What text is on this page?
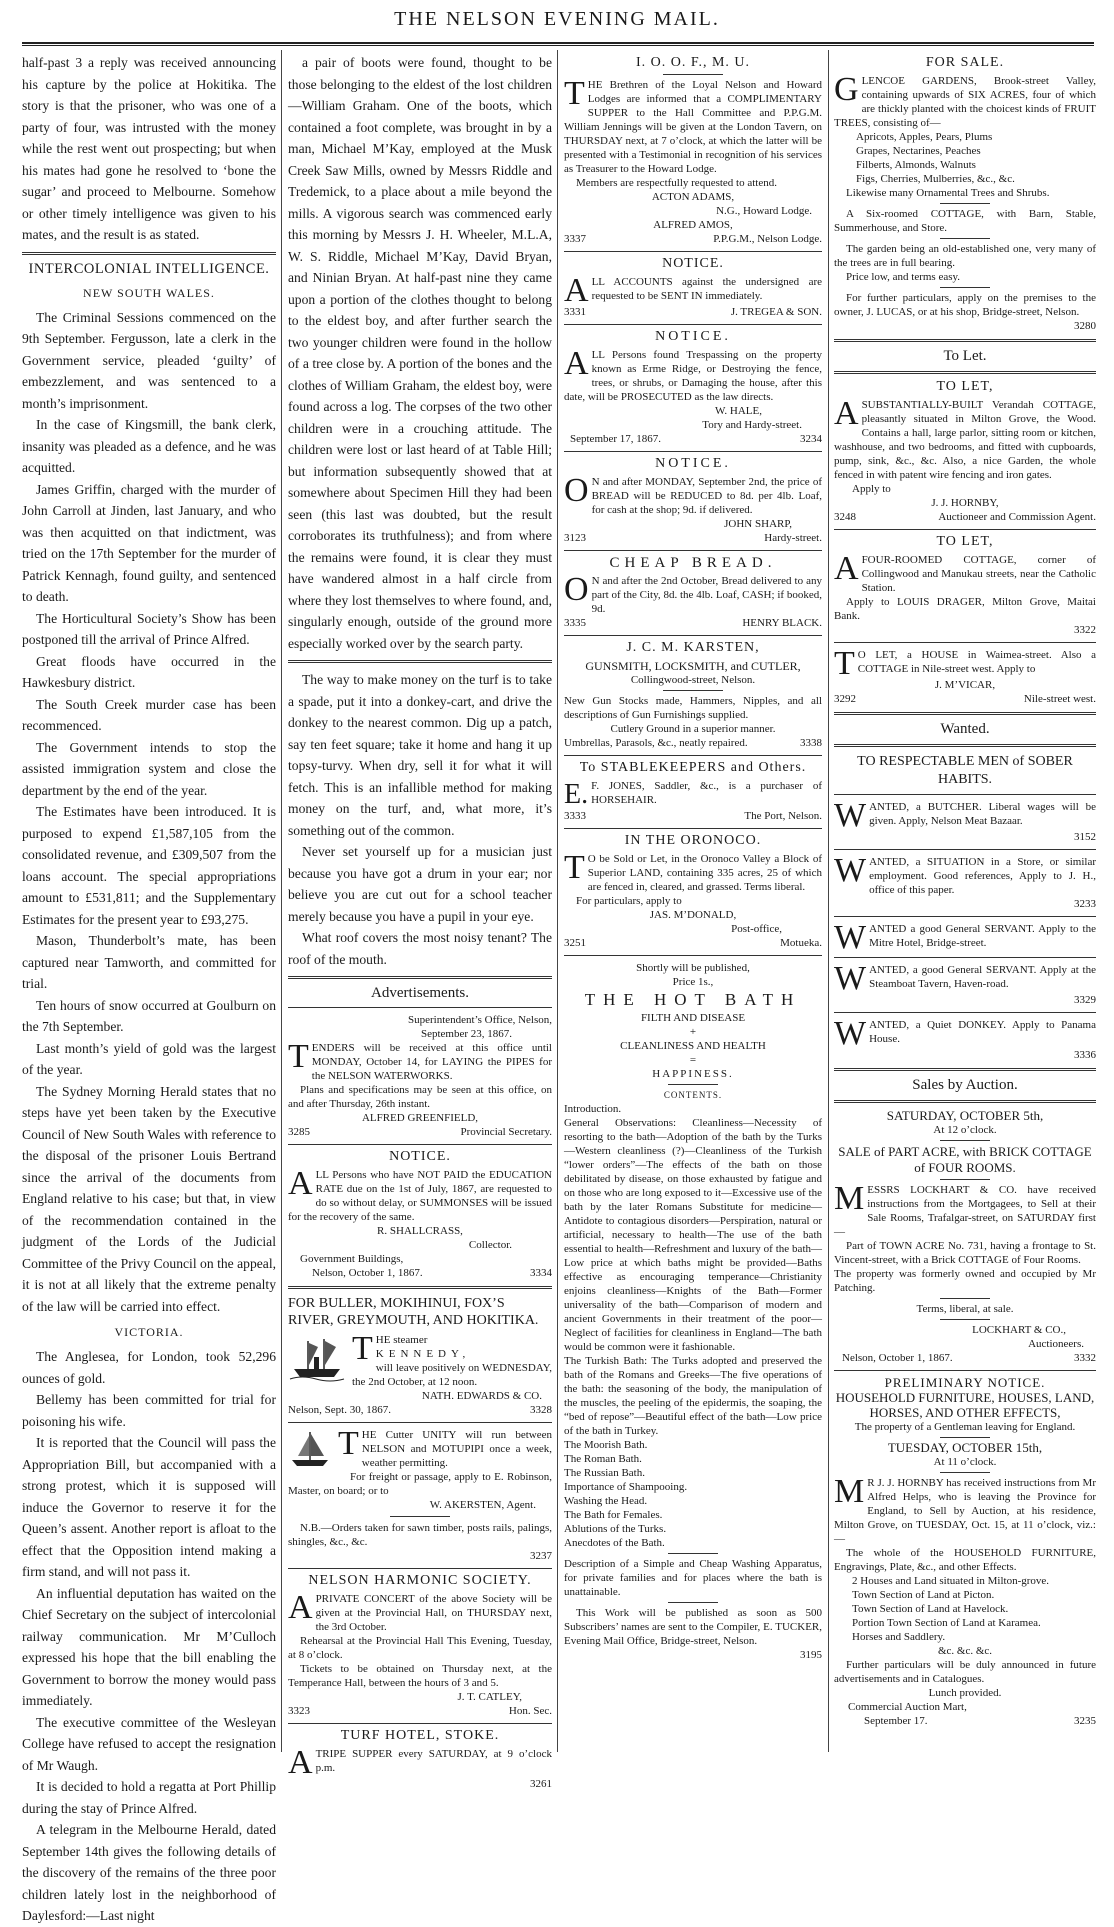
THE NELSON EVENING MAIL.

half-past 3 a reply was received announcing his capture by the police at Hokitika. The story is that the prisoner, who was one of a party of four, was intrusted with the money while the rest went out prospecting; but when his mates had gone he resolved to ‘bone the sugar’ and proceed to Melbourne. Somehow or other timely intelligence was given to his mates, and the result is as stated.

INTERCOLONIAL INTELLIGENCE.
NEW SOUTH WALES.

The Criminal Sessions commenced on the 9th September. Fergusson, late a clerk in the Government service, pleaded ‘guilty’ of embezzlement, and was sentenced to a month’s imprisonment.

In the case of Kingsmill, the bank clerk, insanity was pleaded as a defence, and he was acquitted.

James Griffin, charged with the murder of John Carroll at Jinden, last January, and who was then acquitted on that indictment, was tried on the 17th September for the murder of Patrick Kennagh, found guilty, and sentenced to death.

The Horticultural Society’s Show has been postponed till the arrival of Prince Alfred.

Great floods have occurred in the Hawkesbury district.

The South Creek murder case has been recommenced.

The Government intends to stop the assisted immigration system and close the department by the end of the year.

The Estimates have been introduced. It is purposed to expend £1,587,105 from the consolidated revenue, and £309,507 from the loans account. The special appropriations amount to £531,811; and the Supplementary Estimates for the present year to £93,275.

Mason, Thunderbolt’s mate, has been captured near Tamworth, and committed for trial.

Ten hours of snow occurred at Goulburn on the 7th September.

Last month’s yield of gold was the largest of the year.

The Sydney Morning Herald states that no steps have yet been taken by the Executive Council of New South Wales with reference to the disposal of the prisoner Louis Bertrand since the arrival of the documents from England relative to his case; but that, in view of the recommendation contained in the judgment of the Lords of the Judicial Committee of the Privy Council on the appeal, it is not at all likely that the extreme penalty of the law will be carried into effect.

VICTORIA.

The Anglesea, for London, took 52,296 ounces of gold.

Bellemy has been committed for trial for poisoning his wife.

It is reported that the Council will pass the Appropriation Bill, but accompanied with a strong protest, which it is supposed will induce the Governor to reserve it for the Queen’s assent. Another report is afloat to the effect that the Opposition intend making a firm stand, and will not pass it.

An influential deputation has waited on the Chief Secretary on the subject of intercolonial railway communication. Mr M’Culloch expressed his hope that the bill enabling the Government to borrow the money would pass immediately.

The executive committee of the Wesleyan College have refused to accept the resignation of Mr Waugh.

It is decided to hold a regatta at Port Phillip during the stay of Prince Alfred.

A telegram in the Melbourne Herald, dated September 14th gives the following details of the discovery of the remains of the three poor children lately lost in the neighborhood of Daylesford:—Last night

a pair of boots were found, thought to be those belonging to the eldest of the lost children—William Graham. One of the boots, which contained a foot complete, was brought in by a man, Michael M’Kay, employed at the Musk Creek Saw Mills, owned by Messrs Riddle and Tredemick, to a place about a mile beyond the mills. A vigorous search was commenced early this morning by Messrs J. H. Wheeler, M.L.A, W. S. Riddle, Michael M’Kay, David Bryan, and Ninian Bryan. At half-past nine they came upon a portion of the clothes thought to belong to the eldest boy, and after further search the two younger children were found in the hollow of a tree close by. A portion of the bones and the clothes of William Graham, the eldest boy, were found across a log. The corpses of the two other children were in a crouching attitude. The children were lost or last heard of at Table Hill; but information subsequently showed that at somewhere about Specimen Hill they had been seen (this last was doubted, but the result corroborates its truthfulness); and from where the remains were found, it is clear they must have wandered almost in a half circle from where they lost themselves to where found, and, singularly enough, outside of the ground more especially worked over by the search party.

The way to make money on the turf is to take a spade, put it into a donkey-cart, and drive the donkey to the nearest common. Dig up a patch, say ten feet square; take it home and hang it up topsy-turvy. When dry, sell it for what it will fetch. This is an infallible method for making money on the turf, and, what more, it’s something out of the common.

Never set yourself up for a musician just because you have got a drum in your ear; nor believe you are cut out for a school teacher merely because you have a pupil in your eye.

What roof covers the most noisy tenant? The roof of the mouth.

Advertisements.
Superintendent’s Office, Nelson,
September 23, 1867.

TENDERS will be received at this office until MONDAY, October 14, for LAYING the PIPES for the NELSON WATERWORKS.

Plans and specifications may be seen at this office, on and after Thursday, 26th instant.

ALFRED GREENFIELD,
3285	Provincial Secretary.
NOTICE.

ALL Persons who have NOT PAID the EDUCATION RATE due on the 1st of July, 1867, are requested to do so without delay, or SUMMONSES will be issued for the recovery of the same.

R. SHALLCRASS,
Collector.
Government Buildings,
Nelson, October 1, 1867.	3334
FOR BULLER, MOKIHINUI, FOX’S RIVER, GREYMOUTH, AND HOKITIKA.

THE steamer

KENNEDY,

will leave positively on WEDNESDAY, the 2nd October, at 12 noon.

NATH. EDWARDS & CO.
Nelson, Sept. 30, 1867.	3328

THE Cutter UNITY will run between NELSON and MOTUPIPI once a week, weather permitting.

For freight or passage, apply to E. Robinson, Master, on board; or to

W. AKERSTEN, Agent.

N.B.—Orders taken for sawn timber, posts rails, palings, shingles, &c., &c.

3237
NELSON HARMONIC SOCIETY.

APRIVATE CONCERT of the above Society will be given at the Provincial Hall, on THURSDAY next, the 3rd October.

Rehearsal at the Provincial Hall This Evening, Tuesday, at 8 o’clock.

Tickets to be obtained on Thursday next, at the Temperance Hall, between the hours of 3 and 5.

J. T. CATLEY,
3323	Hon. Sec.
TURF HOTEL, STOKE.

ATRIPE SUPPER every SATURDAY, at 9 o’clock p.m.

3261
I. O. O. F., M. U.

THE Brethren of the Loyal Nelson and Howard Lodges are informed that a COMPLIMENTARY SUPPER to the Hall Committee and P.P.G.M. William Jennings will be given at the London Tavern, on THURSDAY next, at 7 o’clock, at which the latter will be presented with a Testimonial in recognition of his services as Treasurer to the Howard Lodge.

Members are respectfully requested to attend.

ACTON ADAMS,
N.G., Howard Lodge.
ALFRED AMOS,
3337	P.P.G.M., Nelson Lodge.
NOTICE.

ALL ACCOUNTS against the undersigned are requested to be SENT IN immediately.

3331	J. TREGEA & SON.
NOTICE.

ALL Persons found Trespassing on the property known as Erme Ridge, or Destroying the fence, trees, or shrubs, or Damaging the house, after this date, will be PROSECUTED as the law directs.

W. HALE,
Tory and Hardy-street.
September 17, 1867.	3234
NOTICE.

O N and after MONDAY, September 2nd, the price of BREAD will be REDUCED to 8d. per 4lb. Loaf, for cash at the shop; 9d. if delivered.

JOHN SHARP,
3123	Hardy-street.
CHEAP BREAD.

O N and after the 2nd October, Bread delivered to any part of the City, 8d. the 4lb. Loaf, CASH; if booked, 9d.

3335	HENRY BLACK.
J. C. M. KARSTEN,
GUNSMITH, LOCKSMITH, and CUTLER,
Collingwood-street, Nelson.

New Gun Stocks made, Hammers, Nipples, and all descriptions of Gun Furnishings supplied.

Cutlery Ground in a superior manner.
Umbrellas, Parasols, &c., neatly repaired.	3338
To STABLEKEEPERS and Others.

E. F. JONES, Saddler, &c., is a purchaser of HORSEHAIR.

3333	The Port, Nelson.
IN THE ORONOCO.

T O be Sold or Let, in the Oronoco Valley a Block of Superior LAND, containing 335 acres, 25 of which are fenced in, cleared, and grassed. Terms liberal.

For particulars, apply to

JAS. M’DONALD,
Post-office,
3251	Motueka.
Shortly will be published,
Price 1s.,
THE HOT BATH
FILTH AND DISEASE
+
CLEANLINESS AND HEALTH
=
HAPPINESS.
CONTENTS.

Introduction.

General Observations: Cleanliness—Necessity of resorting to the bath—Adoption of the bath by the Turks—Western cleanliness (?)—Cleanliness of the Turkish “lower orders”—The effects of the bath on those debilitated by disease, on those exhausted by fatigue and on those who are long exposed to it—Excessive use of the bath by the later Romans Substitute for medicine—Antidote to contagious disorders—Perspiration, natural or artificial, necessary to health—The use of the bath essential to health—Refreshment and luxury of the bath—Low price at which baths might be provided—Baths effective as encouraging temperance—Christianity enjoins cleanliness—Knights of the Bath—Former universality of the bath—Comparison of modern and ancient Governments in their treatment of the poor—Neglect of facilities for cleanliness in England—The bath would be common were it fashionable.

The Turkish Bath: The Turks adopted and preserved the bath of the Romans and Greeks—The five operations of the bath: the seasoning of the body, the manipulation of the muscles, the peeling of the epidermis, the soaping, the “bed of repose”—Beautiful effect of the bath—Low price of the bath in Turkey.

The Moorish Bath.
The Roman Bath.
The Russian Bath.
Importance of Shampooing.
Washing the Head.
The Bath for Females.
Ablutions of the Turks.
Anecdotes of the Bath.

Description of a Simple and Cheap Washing Apparatus, for private families and for places where the bath is unattainable.

This Work will be published as soon as 500 Subscribers’ names are sent to the Compiler, E. TUCKER, Evening Mail Office, Bridge-street, Nelson.

3195
FOR SALE.

GLENCOE GARDENS, Brook-street Valley, containing upwards of SIX ACRES, four of which are thickly planted with the choicest kinds of FRUIT TREES, consisting of—

Apricots, Apples, Pears, Plums
Grapes, Nectarines, Peaches
Filberts, Almonds, Walnuts
Figs, Cherries, Mulberries, &c., &c.

Likewise many Ornamental Trees and Shrubs.

A Six-roomed COTTAGE, with Barn, Stable, Summerhouse, and Store.

The garden being an old-established one, very many of the trees are in full bearing.

Price low, and terms easy.

For further particulars, apply on the premises to the owner, J. LUCAS, or at his shop, Bridge-street, Nelson.

3280
To Let.
TO LET,

ASUBSTANTIALLY-BUILT Verandah COTTAGE, pleasantly situated in Milton Grove, the Wood. Contains a hall, large parlor, sitting room or kitchen, washhouse, and two bedrooms, and fitted with cupboards, pump, sink, &c., &c. Also, a nice Garden, the whole fenced in with patent wire fencing and iron gates.

Apply to
J. J. HORNBY,
3248	Auctioneer and Commission Agent.
TO LET,

AFOUR-ROOMED COTTAGE, corner of Collingwood and Manukau streets, near the Catholic Station.

Apply to LOUIS DRAGER, Milton Grove, Maitai Bank.

3322

T O LET, a HOUSE in Waimea-street. Also a COTTAGE in Nile-street west. Apply to

J. M’VICAR,
3292	Nile-street west.
Wanted.
TO RESPECTABLE MEN of SOBER HABITS.

WANTED, a BUTCHER. Liberal wages will be given. Apply, Nelson Meat Bazaar.

3152

WANTED, a SITUATION in a Store, or similar employment. Good references, Apply to J. H., office of this paper.

3233

WANTED a good General SERVANT. Apply to the Mitre Hotel, Bridge-street.

WANTED, a good General SERVANT. Apply at the Steamboat Tavern, Haven-road.

3329

WANTED, a Quiet DONKEY. Apply to Panama House.

3336
Sales by Auction.
SATURDAY, OCTOBER 5th,
At 12 o’clock.
SALE of PART ACRE, with BRICK COTTAGE of FOUR ROOMS.

MESSRS LOCKHART & CO. have received instructions from the Mortgagees, to Sell at their Sale Rooms, Trafalgar-street, on SATURDAY first—

Part of TOWN ACRE No. 731, having a frontage to St. Vincent-street, with a Brick COTTAGE of Four Rooms.

The property was formerly owned and occupied by Mr Patching.

Terms, liberal, at sale.
LOCKHART & CO.,
Auctioneers.
Nelson, October 1, 1867.	3332
PRELIMINARY NOTICE.
HOUSEHOLD FURNITURE, HOUSES, LAND, HORSES, AND OTHER EFFECTS,
The property of a Gentleman leaving for England.
TUESDAY, OCTOBER 15th,
At 11 o’clock.

M R J. J. HORNBY has received instructions from Mr Alfred Helps, who is leaving the Province for England, to Sell by Auction, at his residence, Milton Grove, on TUESDAY, Oct. 15, at 11 o’clock, viz.:—

The whole of the HOUSEHOLD FURNITURE, Engravings, Plate, &c., and other Effects.

2 Houses and Land situated in Milton-grove.
Town Section of Land at Picton.
Town Section of Land at Havelock.
Portion Town Section of Land at Karamea.
Horses and Saddlery.
&c. &c. &c.

Further particulars will be duly announced in future advertisements and in Catalogues.

Lunch provided.
Commercial Auction Mart,
September 17.	3235
